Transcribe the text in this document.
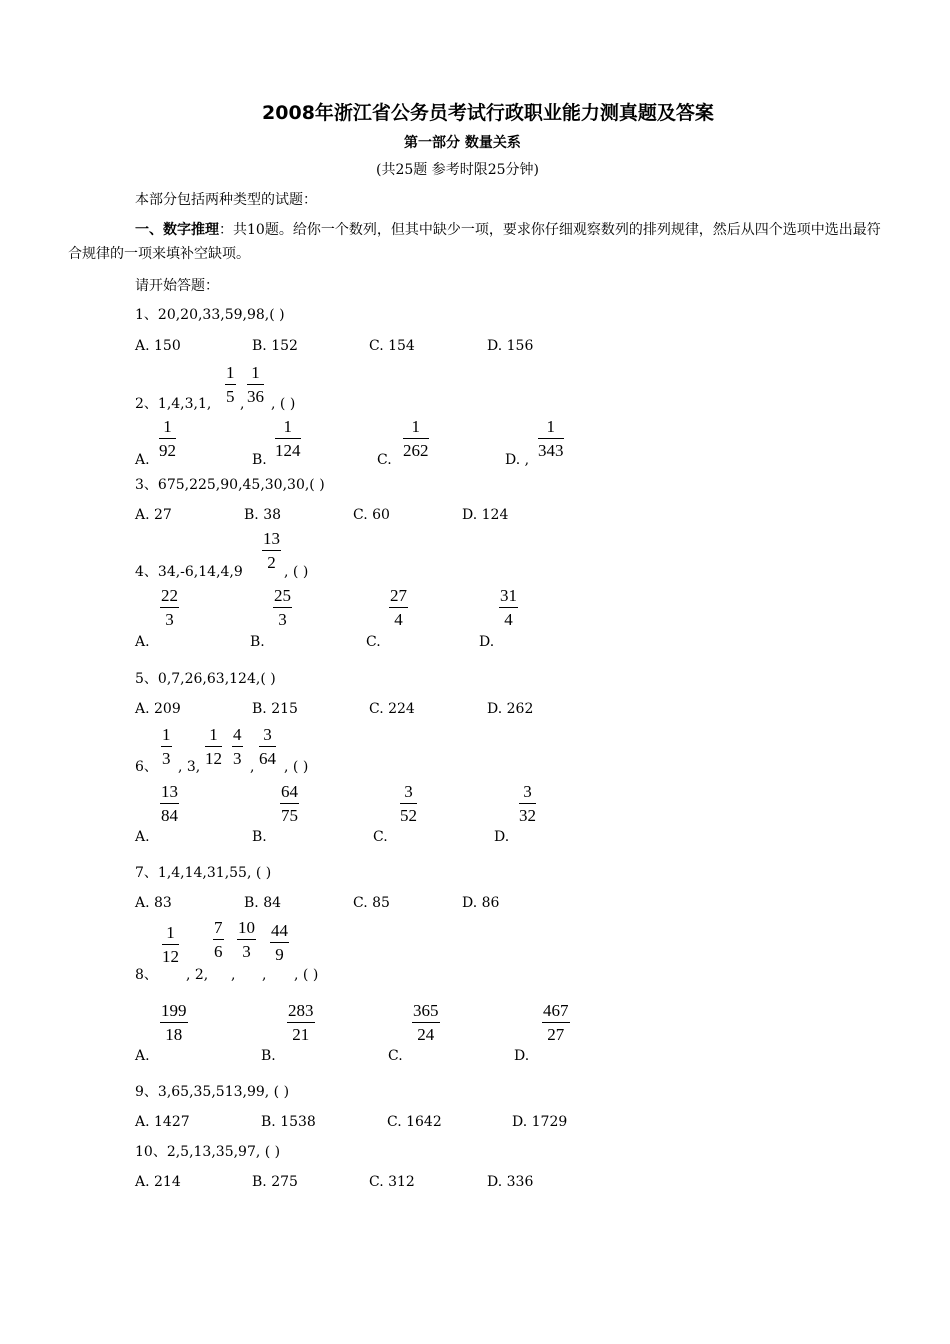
2008年浙江省公务员考试行政职业能力测真题及答案
第一部分 数量关系
(共25题 参考时限25分钟)
本部分包括两种类型的试题：
一、数字推理：共10题。给你一个数列，但其中缺少一项，要求你仔细观察数列的排列规律，然后从四个选项中选出最符合规律的一项来填补空缺项。
请开始答题：
1、20,20,33,59,98,( )
A. 150	B. 152	C. 154	D. 156
2、1,4,3,1, $\frac{1}{5}$ , $\frac{1}{36}$ , ( )
A. $\frac{1}{92}$	B. $\frac{1}{124}$	C. $\frac{1}{262}$	D. , $\frac{1}{343}$
3、675,225,90,45,30,30,( )
A. 27	B. 38	C. 60	D. 124
4、$34,-6,14,4,9 \frac{13}{2}$ , ( )
A.
$\frac{22}{3}$
B.
$\frac{25}{3}$
C.
$\frac{27}{4}$
D.
$\frac{31}{4}$
5、0,7,26,63,124,( )
A. 209	B. 215	C. 224	D. 262
6、 $\frac{1}{3}$ , 3, $\frac{1}{12} \frac{4}{3}$ , $\frac{3}{64}$ , ( )
A.
$\frac{13}{84}$
B.
$\frac{64}{75}$
C.
$\frac{3}{52}$
D.
$\frac{3}{32}$
7、1,4,14,31,55, ( )
A. 83	B. 84	C. 85	D. 86
$\frac{1}{12} \frac{7}{6} \frac{10}{3} \frac{44}{9}$
8、 , 2, , , , ( )
A.
$\frac{199}{18}$
B.
$\frac{283}{21}$
C.
$\frac{365}{24}$
D.
$\frac{467}{27}$
9、3,65,35,513,99, ( )
A. 1427	B. 1538	C. 1642	D. 1729
10、2,5,13,35,97, ( )
A. 214	B. 275	C. 312	D. 336
